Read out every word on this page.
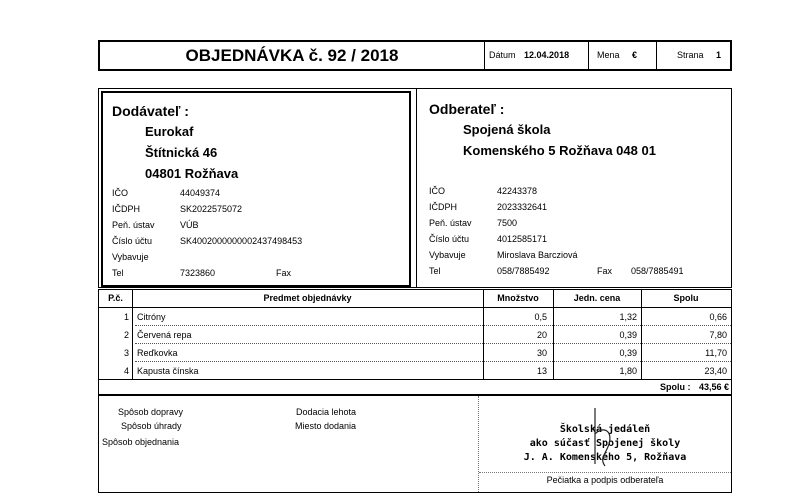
OBJEDNÁVKA č. 92 / 2018	Dátum 12.04.2018	Mena €	Strana 1
Dodávateľ :
Eurokaf
Štítnická 46
04801 Rožňava
IČO	44049374
IČDPH	SK2022575072
Peň. ústav	VÚB
Číslo účtu	SK4002000000002437498453
Vybavuje
Tel	7323860	Fax
Odberateľ :
Spojená škola
Komenského 5 Rožňava 048 01
IČO	42243378
IČDPH	2023332641
Peň. ústav	7500
Číslo účtu	4012585171
Vybavuje	Miroslava Barcziová
Tel	058/7885492	Fax 058/7885491
P.č.	Predmet objednávky	Množstvo	Jedn. cena	Spolu
1 Citróny	0,5	1,32	0,66
2 Červená repa	20	0,39	7,80
3 Reďkovka	30	0,39	11,70
4 Kapusta čínska	13	1,80	23,40
Spolu : 43,56 €
Spôsob dopravy
Spôsob úhrady
Spôsob objednania
Dodacia lehota
Miesto dodania	Školská jedáleň
ako súčasť Spojenej školy
J. A. Komenského 5, Rožňava
Pečiatka a podpis odberateľa
